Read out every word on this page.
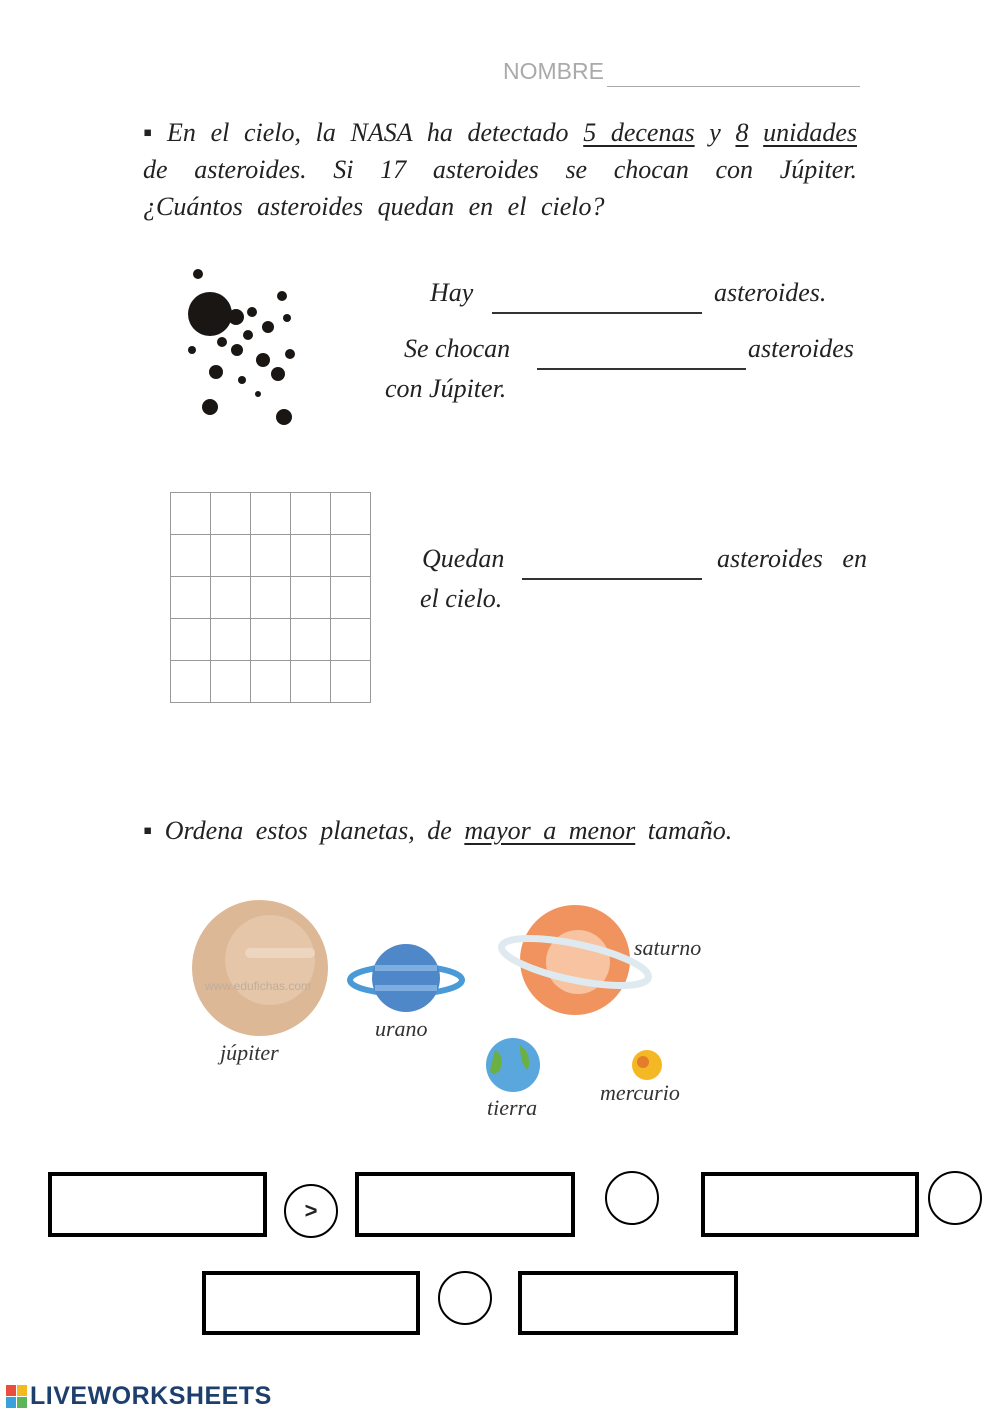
NOMBRE
▪ En el cielo, la NASA ha detectado 5 decenas y 8 unidades de asteroides. Si 17 asteroides se chocan con Júpiter. ¿Cuántos asteroides quedan en el cielo?
Hay	asteroides.
Se chocan	asteroides
con Júpiter.
Quedan	asteroides   en
el cielo.
▪ Ordena estos planetas, de mayor a menor tamaño.
www.edufichas.com
júpiter
urano
saturno
tierra
mercurio
>
LIVEWORKSHEETS
